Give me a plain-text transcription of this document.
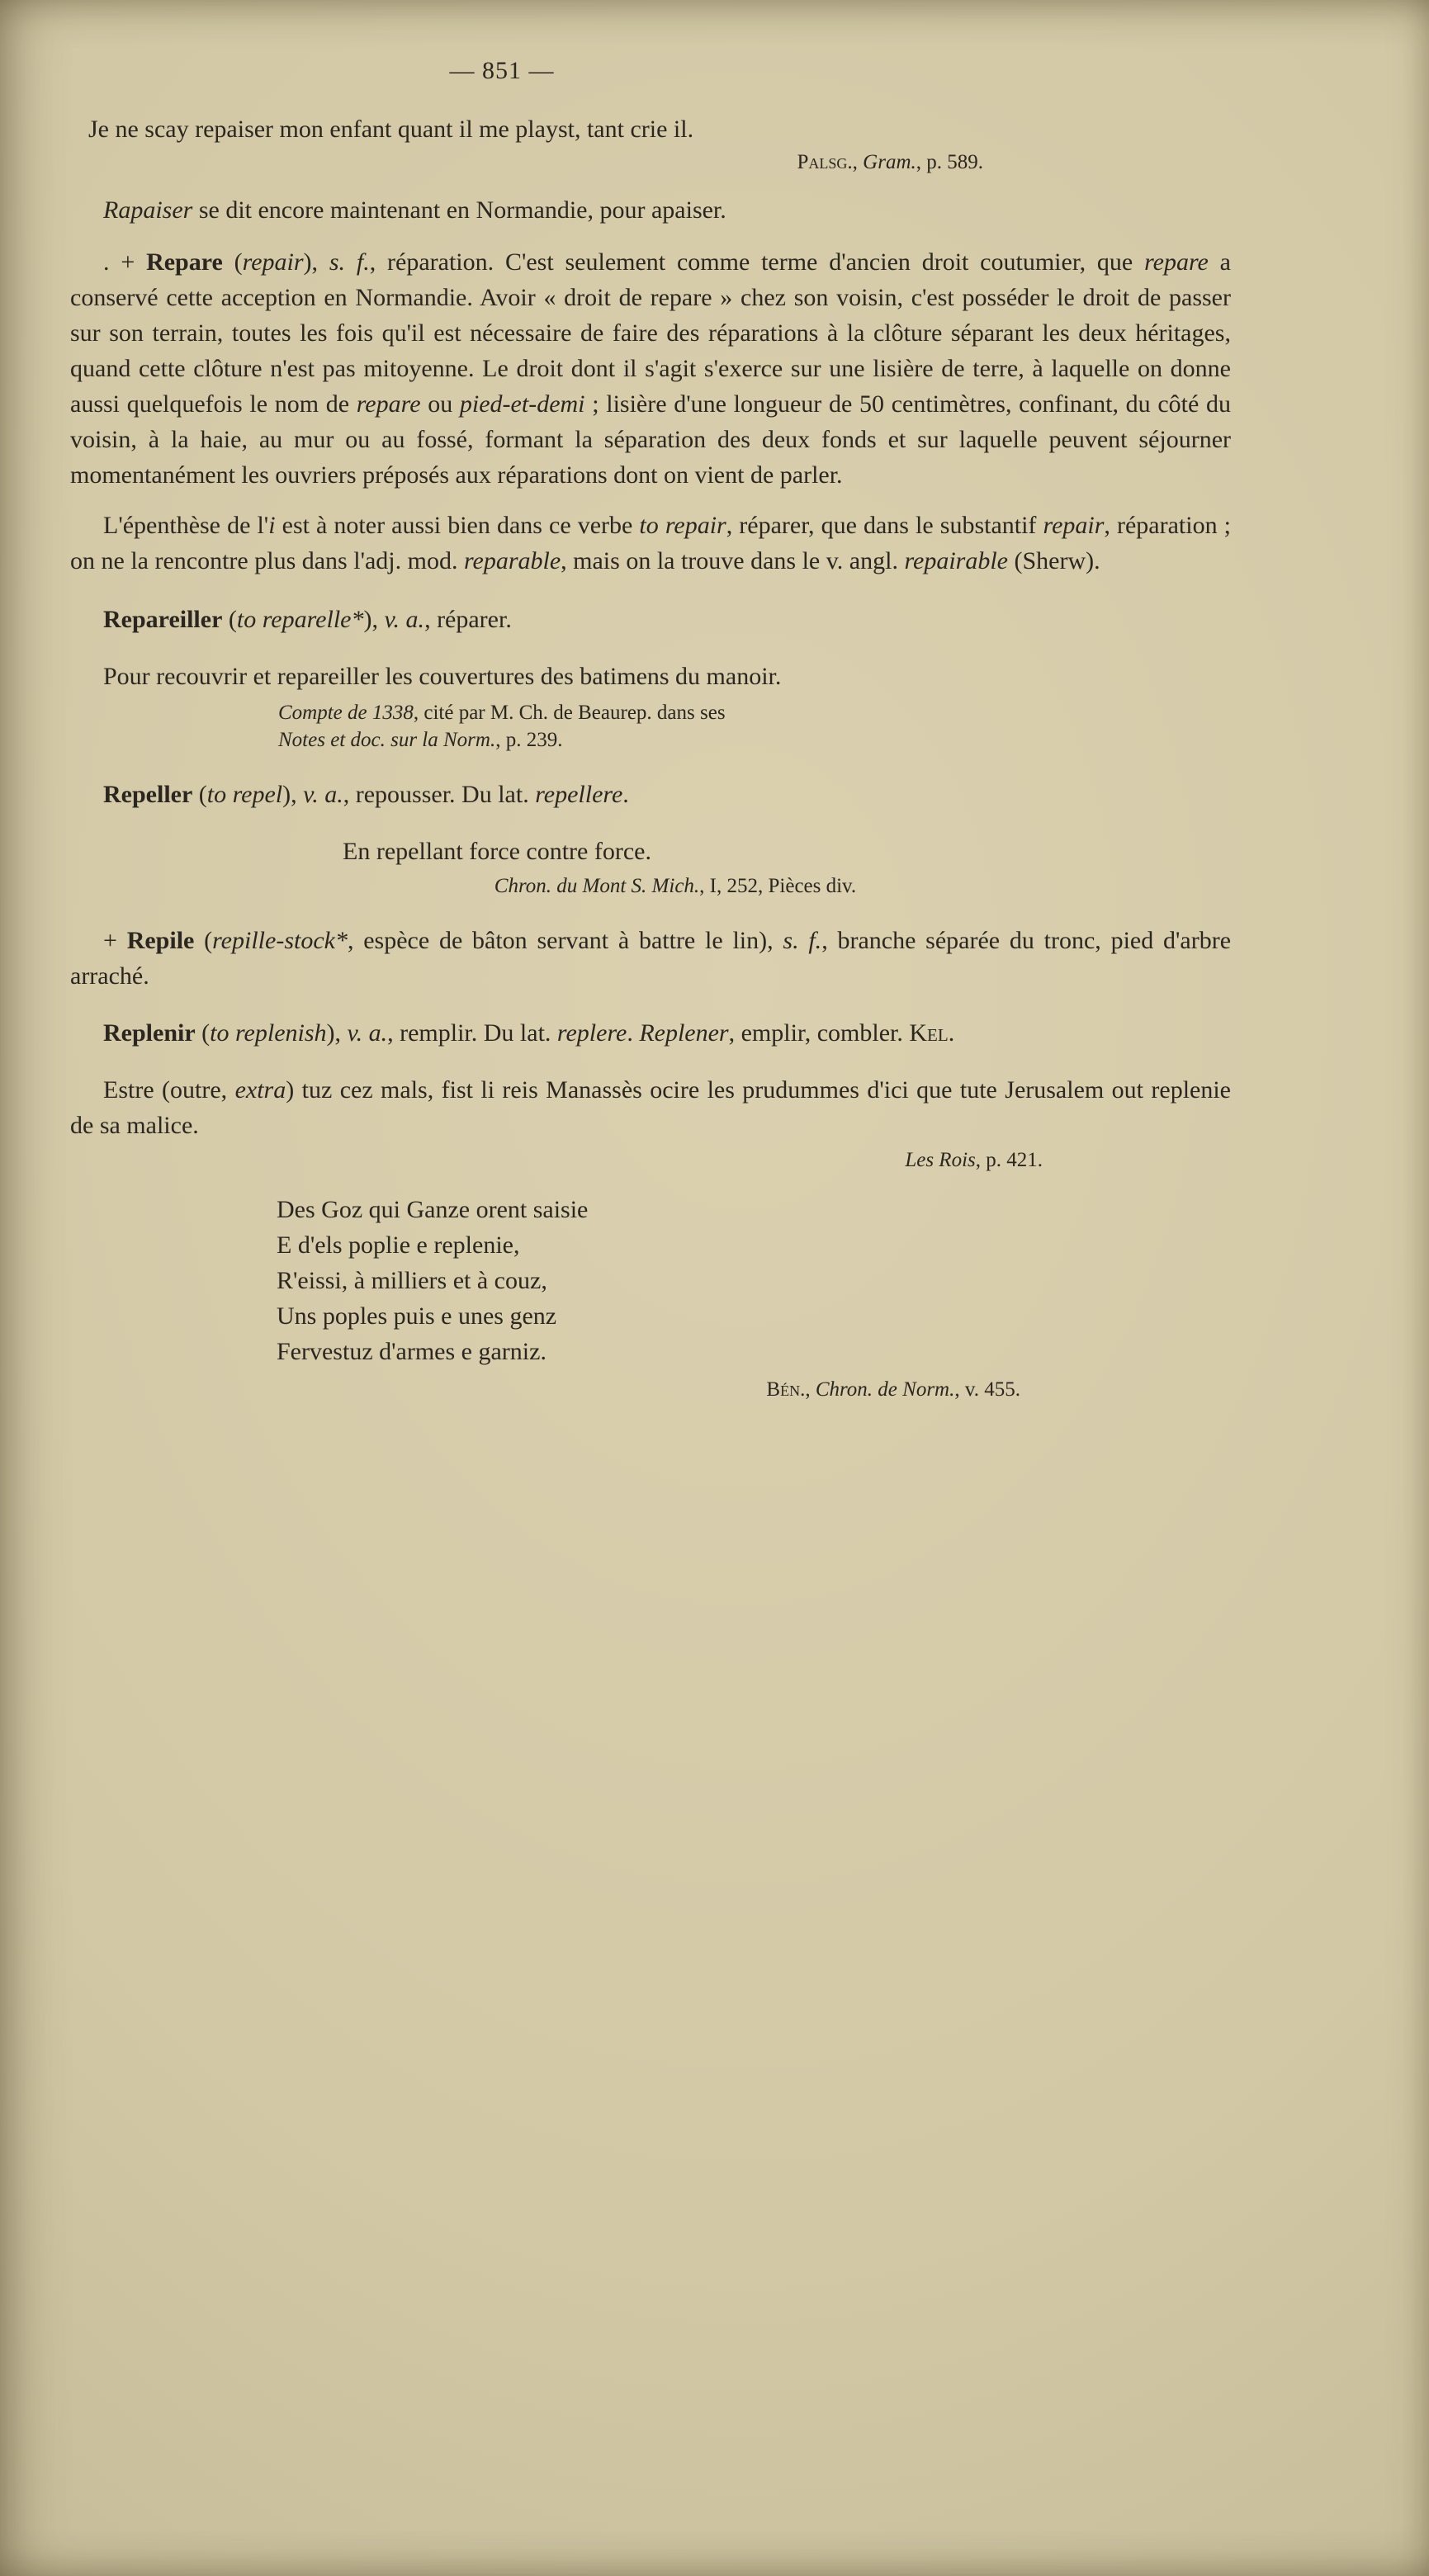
— 851 —

Je ne scay repaiser mon enfant quant il me playst, tant crie il.

Palsg., Gram., p. 589.

Rapaiser se dit encore maintenant en Normandie, pour apaiser.

. + Repare (repair), s. f., réparation. C'est seulement comme terme d'ancien droit coutumier, que repare a conservé cette acception en Normandie. Avoir « droit de repare » chez son voisin, c'est posséder le droit de passer sur son terrain, toutes les fois qu'il est nécessaire de faire des réparations à la clôture séparant les deux héritages, quand cette clôture n'est pas mitoyenne. Le droit dont il s'agit s'exerce sur une lisière de terre, à laquelle on donne aussi quelquefois le nom de repare ou pied-et-demi ; lisière d'une longueur de 50 centimètres, confinant, du côté du voisin, à la haie, au mur ou au fossé, formant la séparation des deux fonds et sur laquelle peuvent séjourner momentanément les ouvriers préposés aux réparations dont on vient de parler.

L'épenthèse de l'i est à noter aussi bien dans ce verbe to repair, réparer, que dans le substantif repair, réparation ; on ne la rencontre plus dans l'adj. mod. reparable, mais on la trouve dans le v. angl. repairable (Sherw).

Repareiller (to reparelle*), v. a., réparer.

Pour recouvrir et repareiller les couvertures des batimens du manoir.

Compte de 1338, cité par M. Ch. de Beaurep. dans ses

Notes et doc. sur la Norm., p. 239.

Repeller (to repel), v. a., repousser. Du lat. repellere.

En repellant force contre force.

Chron. du Mont S. Mich., I, 252, Pièces div.

+ Repile (repille-stock*, espèce de bâton servant à battre le lin), s. f., branche séparée du tronc, pied d'arbre arraché.

Replenir (to replenish), v. a., remplir. Du lat. replere. Replener, emplir, combler. Kel.

Estre (outre, extra) tuz cez mals, fist li reis Manassès ocire les prudummes d'ici que tute Jerusalem out replenie de sa malice.

Les Rois, p. 421.

Des Goz qui Ganze orent saisie

E d'els poplie e replenie,

R'eissi, à milliers et à couz,

Uns poples puis e unes genz

Fervestuz d'armes e garniz.

Bén., Chron. de Norm., v. 455.
